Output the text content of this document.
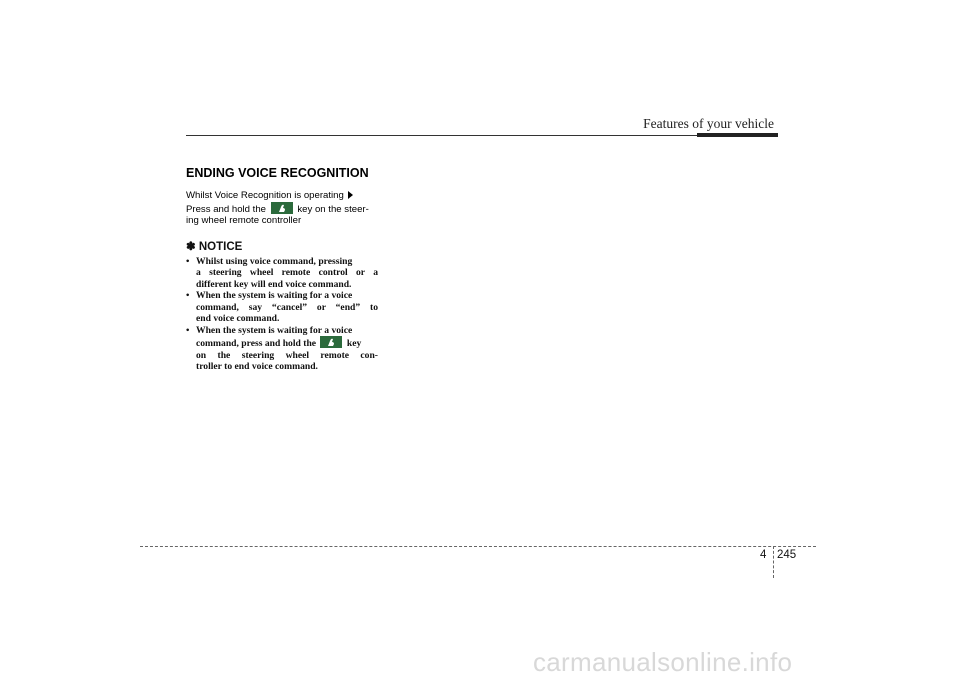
Features of your vehicle
ENDING VOICE RECOGNITION
Whilst Voice Recognition is operating
Press and hold the	key on the steer-
ing wheel remote controller
✽ NOTICE
• Whilst using voice command, pressing
a steering wheel remote control or a
different key will end voice command.
• When the system is waiting for a voice
command, say “cancel” or “end” to
end voice command.
• When the system is waiting for a voice
command, press and hold the	key
on the steering wheel remote con-
troller to end voice command.
4 245
carmanualsonline.info
